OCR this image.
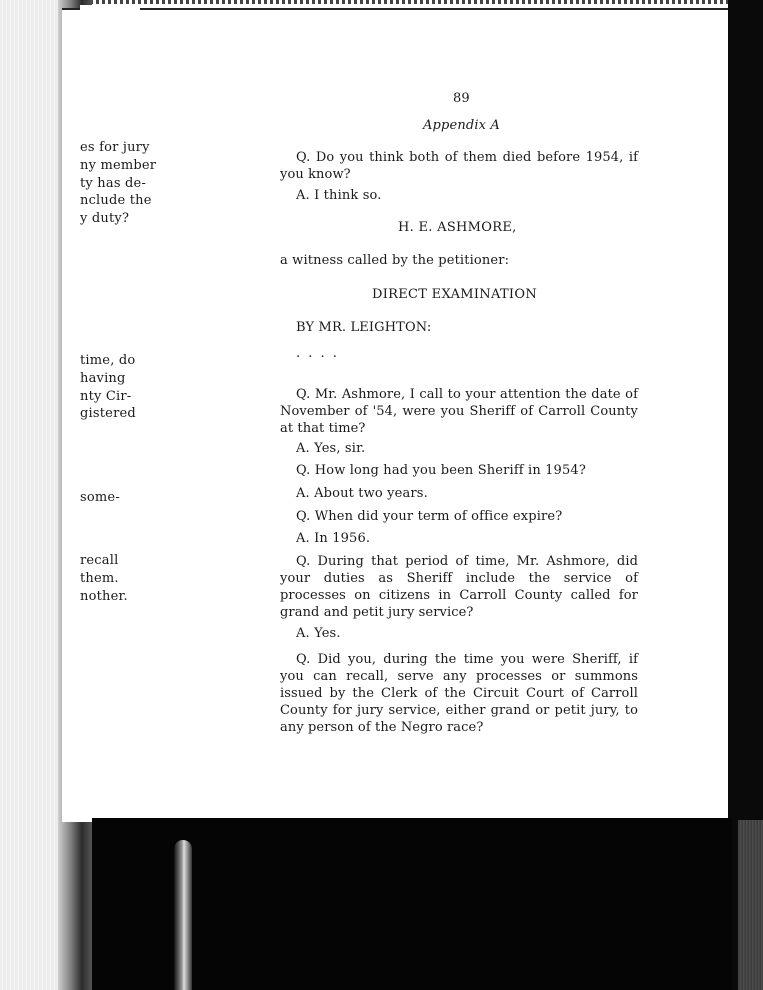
es for jury
ny member
ty has de-
nclude the
y duty?
time, do
having
nty Cir-
gistered
some-
recall
them.
nother.
89
Appendix A
Q. Do you think both of them died before 1954, if you know?
A. I think so.
H. E. ASHMORE,
a witness called by the petitioner:
DIRECT EXAMINATION
BY MR. LEIGHTON:
. . . .
Q. Mr. Ashmore, I call to your attention the date of November of '54, were you Sheriff of Carroll County at that time?
A. Yes, sir.
Q. How long had you been Sheriff in 1954?
A. About two years.
Q. When did your term of office expire?
A. In 1956.
Q. During that period of time, Mr. Ashmore, did your duties as Sheriff include the service of processes on citizens in Carroll County called for grand and petit jury service?
A. Yes.
Q. Did you, during the time you were Sheriff, if you can recall, serve any processes or summons issued by the Clerk of the Circuit Court of Carroll County for jury service, either grand or petit jury, to any person of the Negro race?
